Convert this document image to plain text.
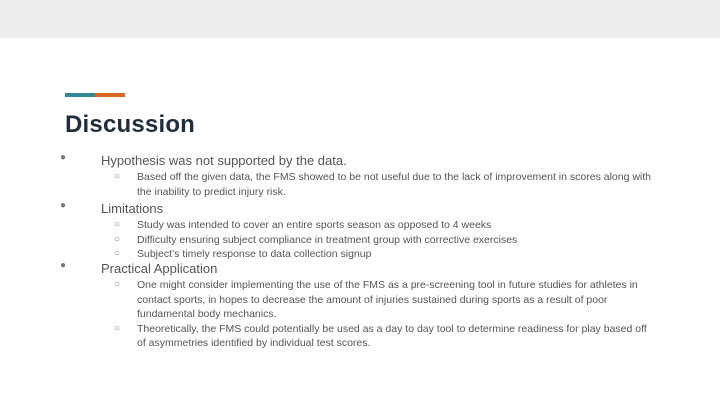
Discussion
●	Hypothesis was not supported by the data.
○ Based off the given data, the FMS showed to be not useful due to the lack of improvement in scores along with the inability to predict injury risk.
●	Limitations
○ Study was intended to cover an entire sports season as opposed to 4 weeks
○ Difficulty ensuring subject compliance in treatment group with corrective exercises
○ Subject’s timely response to data collection signup
●	Practical Application
○ One might consider implementing the use of the FMS as a pre-screening tool in future studies for athletes in contact sports, in hopes to decrease the amount of injuries sustained during sports as a result of poor fundamental body mechanics.
○ Theoretically, the FMS could potentially be used as a day to day tool to determine readiness for play based off of asymmetries identified by individual test scores.
